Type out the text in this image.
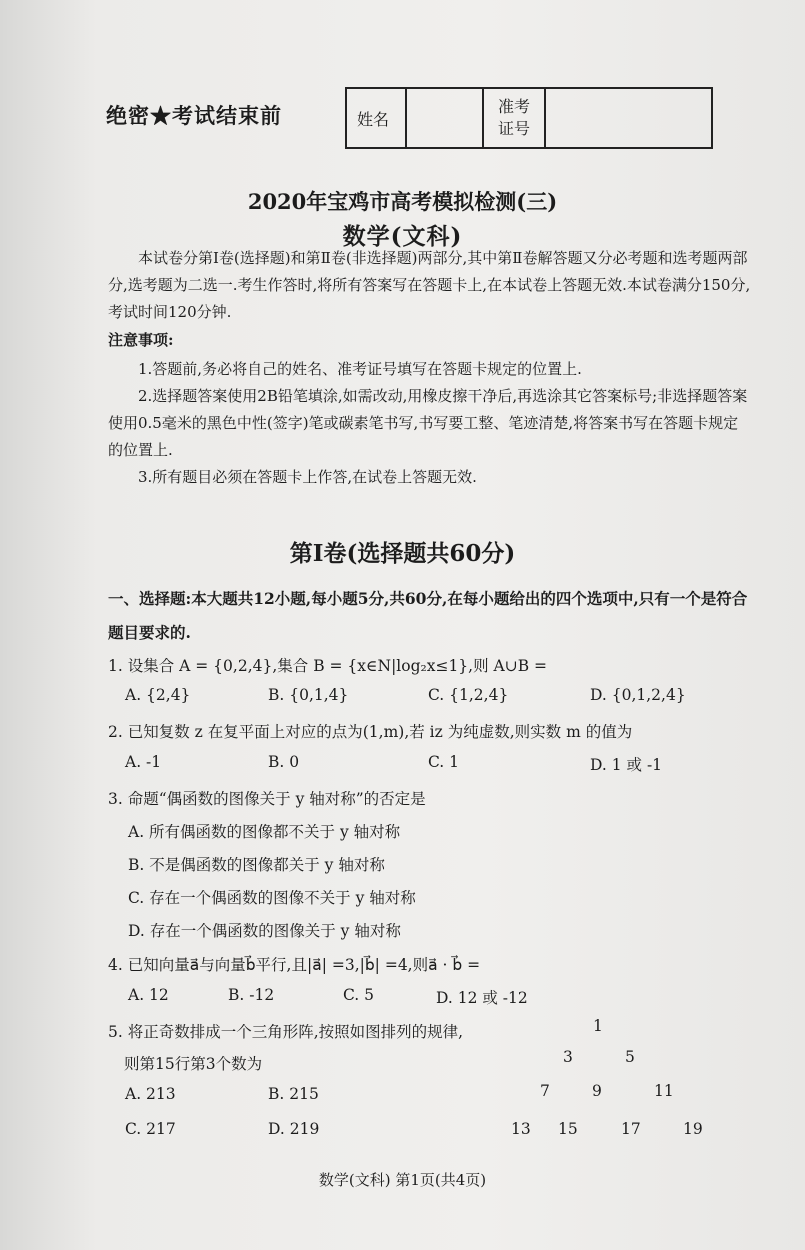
绝密★考试结束前	姓名		准考
证号	
2020年宝鸡市高考模拟检测(三)
数学(文科)
本试卷分第Ⅰ卷(选择题)和第Ⅱ卷(非选择题)两部分,其中第Ⅱ卷解答题又分必考题和选考题两部分,选考题为二选一.考生作答时,将所有答案写在答题卡上,在本试卷上答题无效.本试卷满分150分,考试时间120分钟.
注意事项:
1.答题前,务必将自己的姓名、准考证号填写在答题卡规定的位置上.
2.选择题答案使用2B铅笔填涂,如需改动,用橡皮擦干净后,再选涂其它答案标号;非选择题答案使用0.5毫米的黑色中性(签字)笔或碳素笔书写,书写要工整、笔迹清楚,将答案书写在答题卡规定的位置上.
3.所有题目必须在答题卡上作答,在试卷上答题无效.
第Ⅰ卷(选择题共60分)
一、选择题:本大题共12小题,每小题5分,共60分,在每小题给出的四个选项中,只有一个是符合题目要求的.
1. 设集合 A = {0,2,4},集合 B = {x∈N|log₂x≤1},则 A∪B =
A. {2,4}	B. {0,1,4}	C. {1,2,4}	D. {0,1,2,4}
2. 已知复数 z 在复平面上对应的点为(1,m),若 iz 为纯虚数,则实数 m 的值为
A. -1	B. 0	C. 1	D. 1 或 -1
3. 命题“偶函数的图像关于 y 轴对称”的否定是
A. 所有偶函数的图像都不关于 y 轴对称
B. 不是偶函数的图像都关于 y 轴对称
C. 存在一个偶函数的图像不关于 y 轴对称
D. 存在一个偶函数的图像关于 y 轴对称
4. 已知向量a⃗与向量b⃗平行,且|a⃗| =3,|b⃗| =4,则a⃗ · b⃗ =
A. 12	B. -12	C. 5	D. 12 或 -12
5. 将正奇数排成一个三角形阵,按照如图排列的规律,
则第15行第3个数为
A. 213	B. 215
C. 217	D. 219
1
3	5
7	9	11
13 15	17	19
数学(文科) 第1页(共4页)
